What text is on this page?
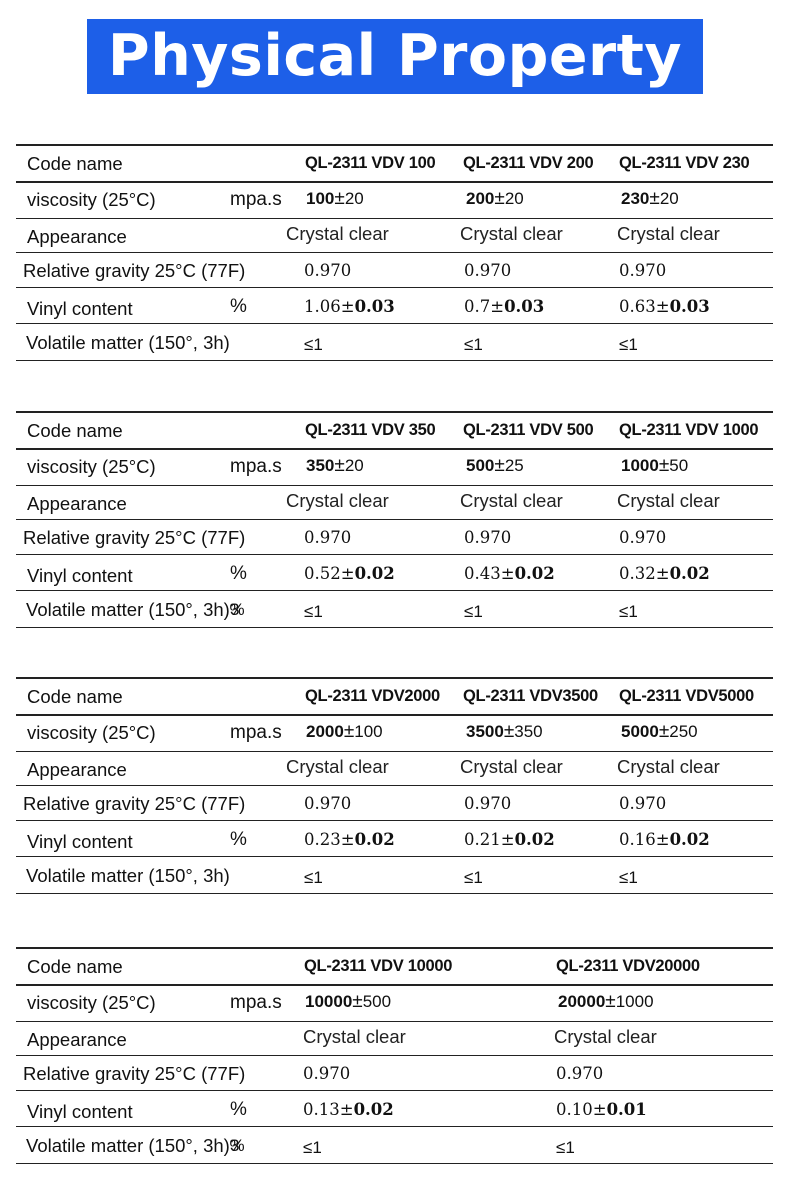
Physical Property
Code name
viscosity (25°C)
Appearance
Relative gravity 25°C (77F)
Vinyl content
Volatile matter (150°, 3h)
mpa.s
%
QL-2311 VDV 100
100±20
Crystal clear
0.970
1.06±0.03
≤1
QL-2311 VDV 200
200±20
Crystal clear
0.970
0.7±0.03
≤1
QL-2311 VDV 230
230±20
Crystal clear
0.970
0.63±0.03
≤1
Code name
viscosity (25°C)
Appearance
Relative gravity 25°C (77F)
Vinyl content
Volatile matter (150°, 3h)
mpa.s
%
3%
QL-2311 VDV 350
350±20
Crystal clear
0.970
0.52±0.02
≤1
QL-2311 VDV 500
500±25
Crystal clear
0.970
0.43±0.02
≤1
QL-2311 VDV 1000
1000±50
Crystal clear
0.970
0.32±0.02
≤1
Code name
viscosity (25°C)
Appearance
Relative gravity 25°C (77F)
Vinyl content
Volatile matter (150°, 3h)
mpa.s
%
QL-2311 VDV2000
2000±100
Crystal clear
0.970
0.23±0.02
≤1
QL-2311 VDV3500
3500±350
Crystal clear
0.970
0.21±0.02
≤1
QL-2311 VDV5000
5000±250
Crystal clear
0.970
0.16±0.02
≤1
Code name
viscosity (25°C)
Appearance
Relative gravity 25°C (77F)
Vinyl content
Volatile matter (150°, 3h)
mpa.s
%
3%
QL-2311 VDV 10000
10000±500
Crystal clear
0.970
0.13±0.02
≤1
QL-2311 VDV20000
20000±1000
Crystal clear
0.970
0.10±0.01
≤1
